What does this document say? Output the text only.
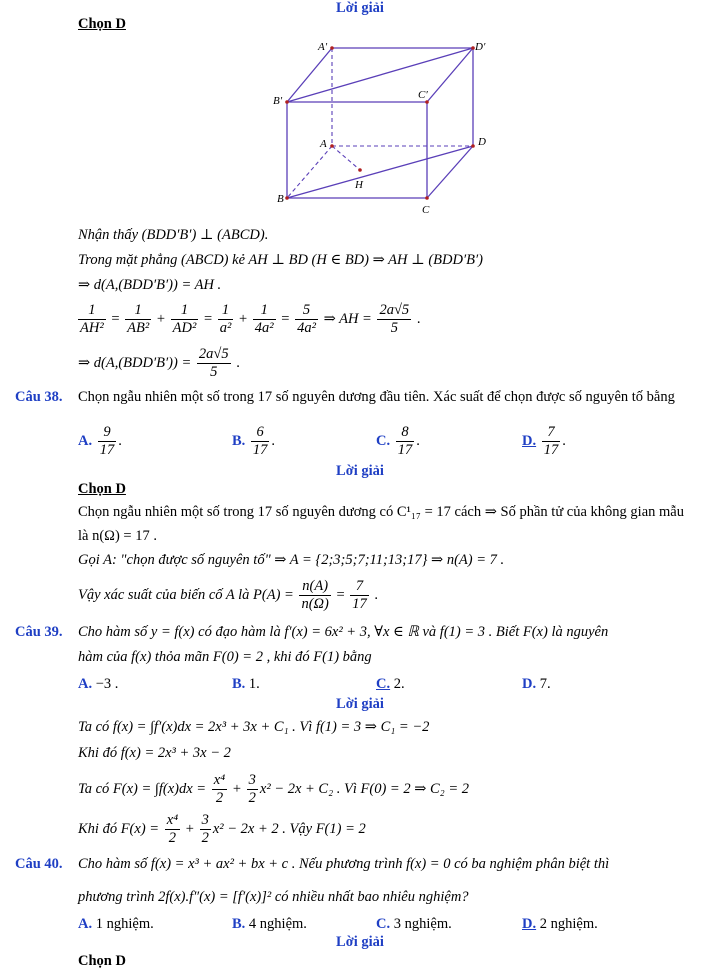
Lời giải
Chọn D
A′	D′
B′	C′
A	D
H
B
C
Nhận thấy (BDD′B′) ⊥ (ABCD).
Trong mặt phẳng (ABCD) kẻ AH ⊥ BD (H ∈ BD) ⇒ AH ⊥ (BDD′B′)
⇒ d(A,(BDD′B′)) = AH .
$\frac{1}{\text{AH²}} = \frac{1}{\text{AB²}} + \frac{1}{\text{AD²}} = \frac{1}{\text{a²}} + \frac{1}{\text{4a²}} = \frac{5}{\text{4a²}}$ ⇒ AH = $\frac{2a√5}{5}$ .
⇒ $d(A,(BDD'B')) = \frac{2a√5}{5}$ .
Câu 38. Chọn ngẫu nhiên một số trong 17 số nguyên dương đầu tiên. Xác suất để chọn được số nguyên tố bằng
A. $\frac{9}{17}$ .	B. $\frac{6}{17}$ .	C. $\frac{8}{17}$ .	D. $\frac{7}{17}$ .
Lời giải
Chọn D
Chọn ngẫu nhiên một số trong 17 số nguyên dương có C¹₁₇ = 17 cách ⇒ Số phần tử của không gian mẫu là n(Ω) = 17 .
Gọi A: "chọn được số nguyên tố" ⇒ A = {2;3;5;7;11;13;17} ⇒ n(A) = 7 .
Vậy xác suất của biến cố A là $P(A) = \frac{n(A)}{n(\Omega)} = \frac{7}{17}$ .
Câu 39. Cho hàm số y = f(x) có đạo hàm là f′(x) = 6x² + 3, ∀x ∈ ℝ và f(1) = 3 . Biết F(x) là nguyên
hàm của f(x) thỏa mãn F(0) = 2 , khi đó F(1) bằng
A. −3 .	B. 1.	C. 2.	D. 7.
Lời giải
Ta có f(x) = ∫f′(x)dx = 2x³ + 3x + C₁ . Vì f(1) = 3 ⇒ C₁ = −2
Khi đó f(x) = 2x³ + 3x − 2
Ta có $F(x) = \int f(x)dx = \frac{\text{x⁴}}{2} + \frac{3}{2} x^2 - 2x + C_2$ . Vì F(0) = 2 ⇒ C₂ = 2
Khi đó $F(x) = \frac{\text{x⁴}}{2} + \frac{3}{2} x^2 - 2x + 2$ . Vậy F(1) = 2
Câu 40. Cho hàm số f(x) = x³ + ax² + bx + c . Nếu phương trình f(x) = 0 có ba nghiệm phân biệt thì
phương trình 2f(x).f″(x) = [f′(x)]² có nhiều nhất bao nhiêu nghiệm?
A. 1 nghiệm.	B. 4 nghiệm.	C. 3 nghiệm.	D. 2 nghiệm.
Lời giải
Chọn D
